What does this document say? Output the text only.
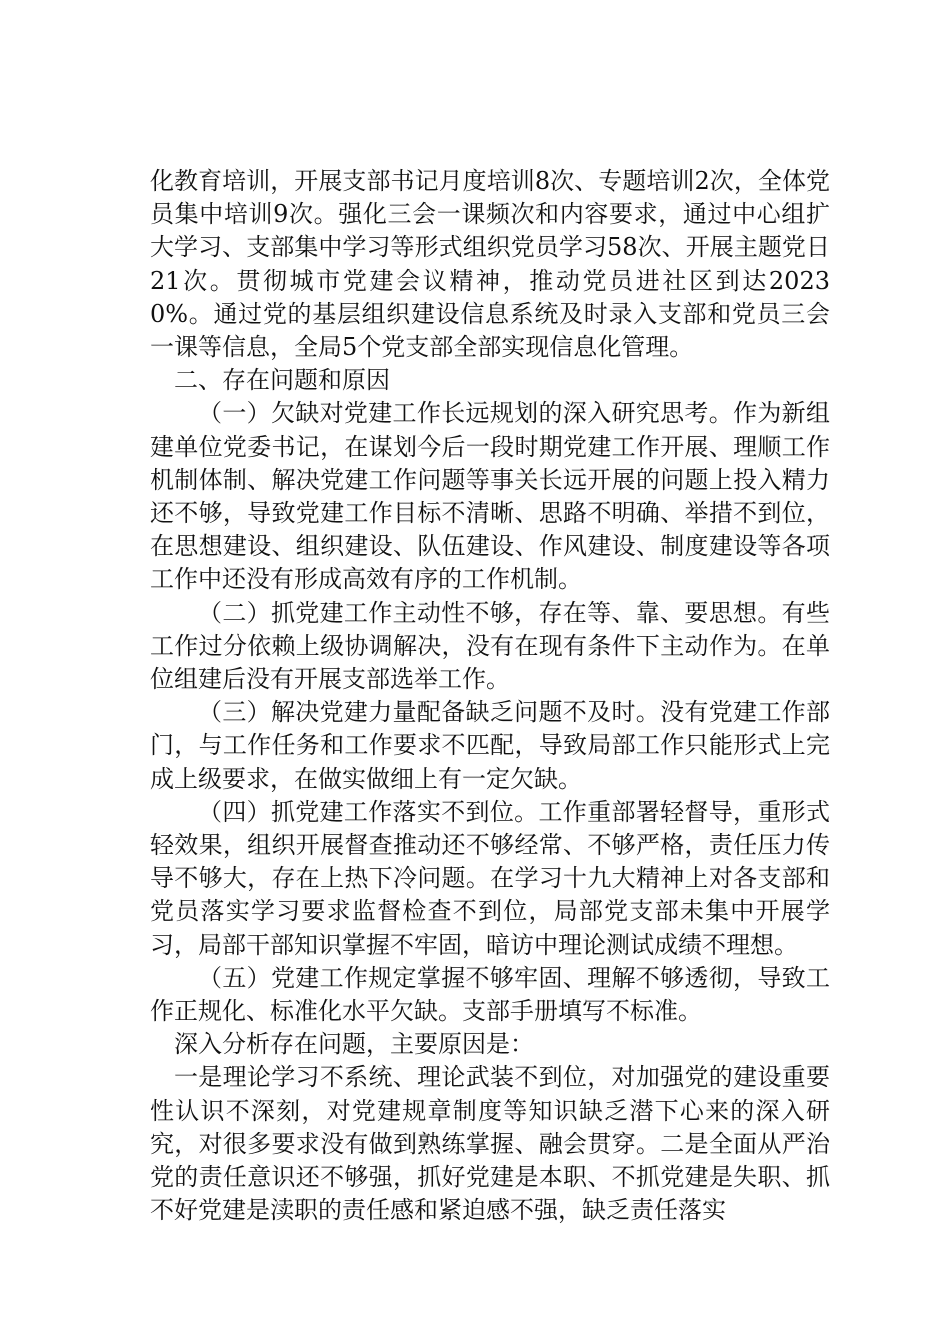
化教育培训，开展支部书记月度培训8次、专题培训2次，全体党员集中培训9次。强化三会一课频次和内容要求，通过中心组扩大学习、支部集中学习等形式组织党员学习58次、开展主题党日21次。贯彻城市党建会议精神，推动党员进社区到达20230%。通过党的基层组织建设信息系统及时录入支部和党员三会一课等信息，全局5个党支部全部实现信息化管理。

二、存在问题和原因

（一）欠缺对党建工作长远规划的深入研究思考。作为新组建单位党委书记，在谋划今后一段时期党建工作开展、理顺工作机制体制、解决党建工作问题等事关长远开展的问题上投入精力还不够，导致党建工作目标不清晰、思路不明确、举措不到位，在思想建设、组织建设、队伍建设、作风建设、制度建设等各项工作中还没有形成高效有序的工作机制。

（二）抓党建工作主动性不够，存在等、靠、要思想。有些工作过分依赖上级协调解决，没有在现有条件下主动作为。在单位组建后没有开展支部选举工作。

（三）解决党建力量配备缺乏问题不及时。没有党建工作部门，与工作任务和工作要求不匹配，导致局部工作只能形式上完成上级要求，在做实做细上有一定欠缺。

（四）抓党建工作落实不到位。工作重部署轻督导，重形式轻效果，组织开展督查推动还不够经常、不够严格，责任压力传导不够大，存在上热下冷问题。在学习十九大精神上对各支部和党员落实学习要求监督检查不到位，局部党支部未集中开展学习，局部干部知识掌握不牢固，暗访中理论测试成绩不理想。

（五）党建工作规定掌握不够牢固、理解不够透彻，导致工作正规化、标准化水平欠缺。支部手册填写不标准。

深入分析存在问题，主要原因是：

一是理论学习不系统、理论武装不到位，对加强党的建设重要性认识不深刻，对党建规章制度等知识缺乏潜下心来的深入研究，对很多要求没有做到熟练掌握、融会贯穿。二是全面从严治党的责任意识还不够强，抓好党建是本职、不抓党建是失职、抓不好党建是渎职的责任感和紧迫感不强，缺乏责任落实
